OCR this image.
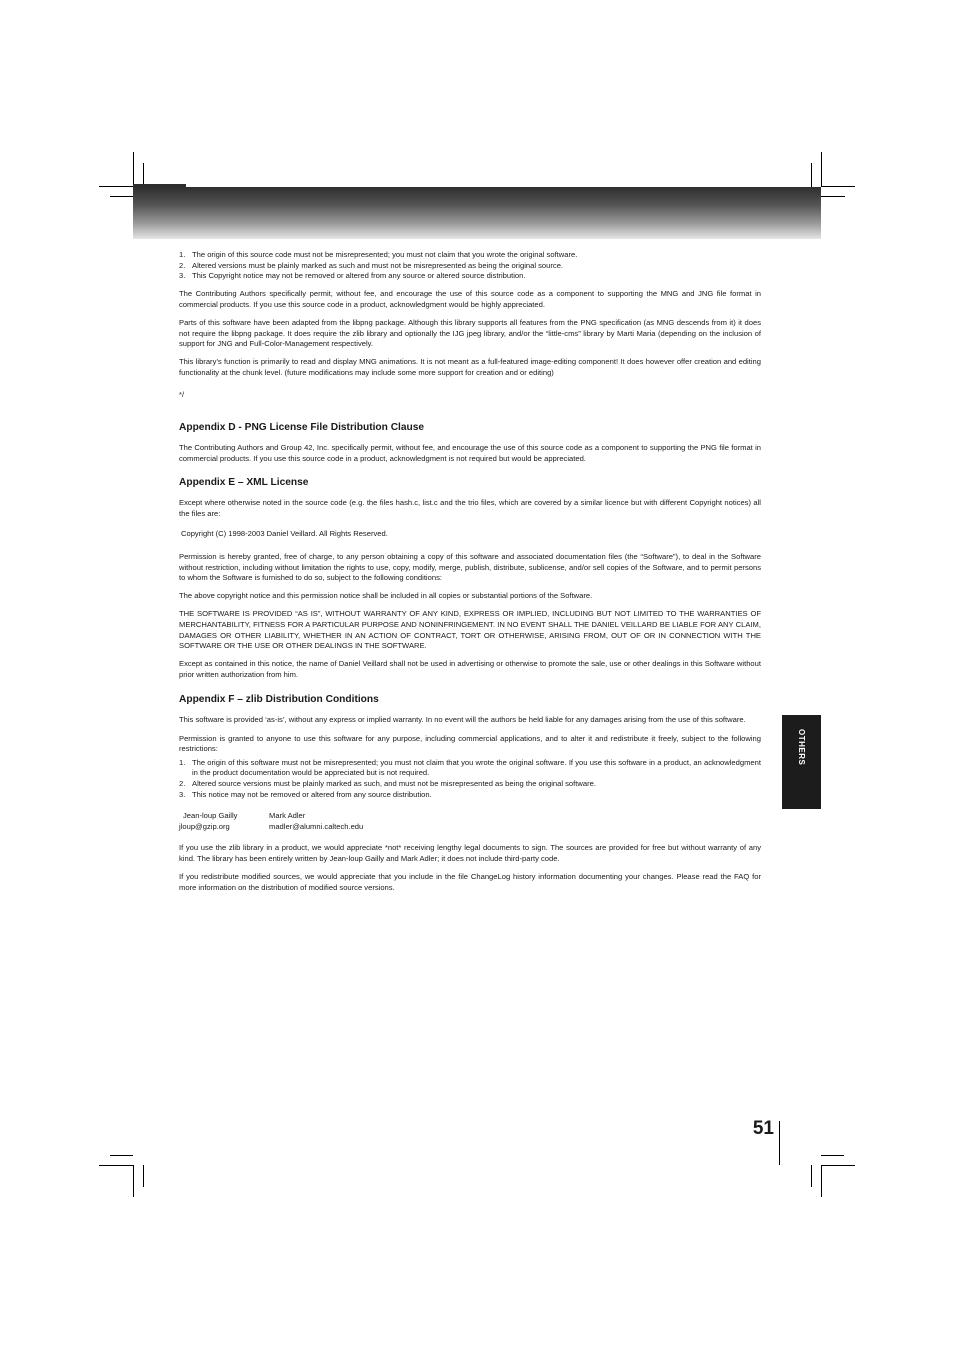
1. The origin of this source code must not be misrepresented; you must not claim that you wrote the original software.
2. Altered versions must be plainly marked as such and must not be misrepresented as being the original source.
3. This Copyright notice may not be removed or altered from any source or altered source distribution.

The Contributing Authors specifically permit, without fee, and encourage the use of this source code as a component to supporting the MNG and JNG file format in commercial products. If you use this source code in a product, acknowledgment would be highly appreciated.

Parts of this software have been adapted from the libpng package. Although this library supports all features from the PNG specification (as MNG descends from it) it does not require the libpng package. It does require the zlib library and optionally the IJG jpeg library, and/or the “little-cms” library by Marti Maria (depending on the inclusion of support for JNG and Full-Color-Management respectively.

This library’s function is primarily to read and display MNG animations. It is not meant as a full-featured image-editing component! It does however offer creation and editing functionality at the chunk level. (future modifications may include some more support for creation and or editing)

*/

Appendix D - PNG License File Distribution Clause

The Contributing Authors and Group 42, Inc. specifically permit, without fee, and encourage the use of this source code as a component to supporting the PNG file format in commercial products. If you use this source code in a product, acknowledgment is not required but would be appreciated.

Appendix E – XML License

Except where otherwise noted in the source code (e.g. the files hash.c, list.c and the trio files, which are covered by a similar licence but with different Copyright notices) all the files are:

Copyright (C) 1998-2003 Daniel Veillard. All Rights Reserved.

Permission is hereby granted, free of charge, to any person obtaining a copy of this software and associated documentation files (the “Software”), to deal in the Software without restriction, including without limitation the rights to use, copy, modify, merge, publish, distribute, sublicense, and/or sell copies of the Software, and to permit persons to whom the Software is furnished to do so, subject to the following conditions:

The above copyright notice and this permission notice shall be included in all copies or substantial portions of the Software.

THE SOFTWARE IS PROVIDED “AS IS”, WITHOUT WARRANTY OF ANY KIND, EXPRESS OR IMPLIED, INCLUDING BUT NOT LIMITED TO THE WARRANTIES OF MERCHANTABILITY, FITNESS FOR A PARTICULAR PURPOSE AND NONINFRINGEMENT. IN NO EVENT SHALL THE DANIEL VEILLARD BE LIABLE FOR ANY CLAIM, DAMAGES OR OTHER LIABILITY, WHETHER IN AN ACTION OF CONTRACT, TORT OR OTHERWISE, ARISING FROM, OUT OF OR IN CONNECTION WITH THE SOFTWARE OR THE USE OR OTHER DEALINGS IN THE SOFTWARE.

Except as contained in this notice, the name of Daniel Veillard shall not be used in advertising or otherwise to promote the sale, use or other dealings in this Software without prior written authorization from him.

Appendix F – zlib Distribution Conditions

This software is provided ‘as-is’, without any express or implied warranty. In no event will the authors be held liable for any damages arising from the use of this software.

Permission is granted to anyone to use this software for any purpose, including commercial applications, and to alter it and redistribute it freely, subject to the following restrictions:

1. The origin of this software must not be misrepresented; you must not claim that you wrote the original software. If you use this software in a product, an acknowledgment in the product documentation would be appreciated but is not required.
2. Altered source versions must be plainly marked as such, and must not be misrepresented as being the original software.
3. This notice may not be removed or altered from any source distribution.
Jean-loup Gailly	Mark Adler
jloup@gzip.org	madler@alumni.caltech.edu

If you use the zlib library in a product, we would appreciate *not* receiving lengthy legal documents to sign. The sources are provided for free but without warranty of any kind. The library has been entirely written by Jean-loup Gailly and Mark Adler; it does not include third-party code.

If you redistribute modified sources, we would appreciate that you include in the file ChangeLog history information documenting your changes. Please read the FAQ for more information on the distribution of modified source versions.

OTHERS
51
